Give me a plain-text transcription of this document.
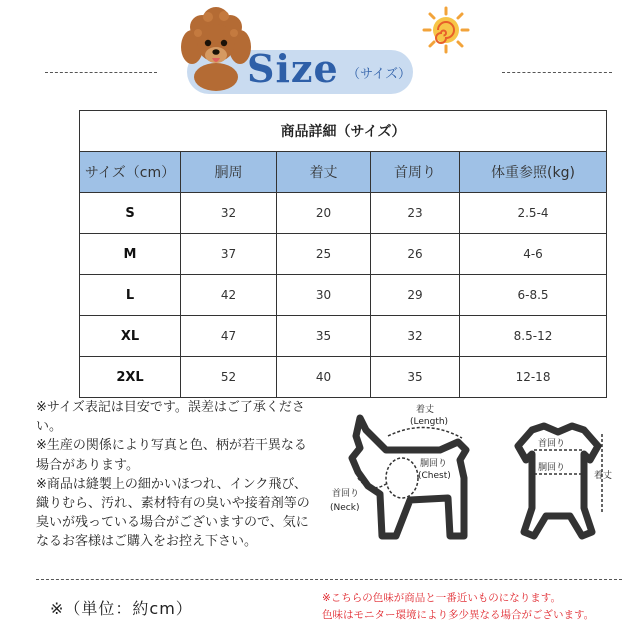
Size （サイズ）
商品詳細（サイズ）				
サイズ（cm）	胴周	着丈	首周り	体重参照(kg)
S	32	20	23	2.5-4
M	37	25	26	4-6
L	42	30	29	6-8.5
XL	47	35	32	8.5-12
2XL	52	40	35	12-18

※サイズ表記は目安です。誤差はご了承ください。

※生産の関係により写真と色、柄が若干異なる場合があります。

※商品は縫製上の細かいほつれ、インク飛び、織りむら、汚れ、素材特有の臭いや接着剤等の臭いが残っている場合がございますので、気になるお客様はご購入をお控え下さい。

着丈
(Length)
胴回り
(Chest)
首回り
(Neck)
首回り
胴回り
着丈
※（単位：約cm）

※こちらの色味が商品と一番近いものになります。

色味はモニター環境により多少異なる場合がございます。
